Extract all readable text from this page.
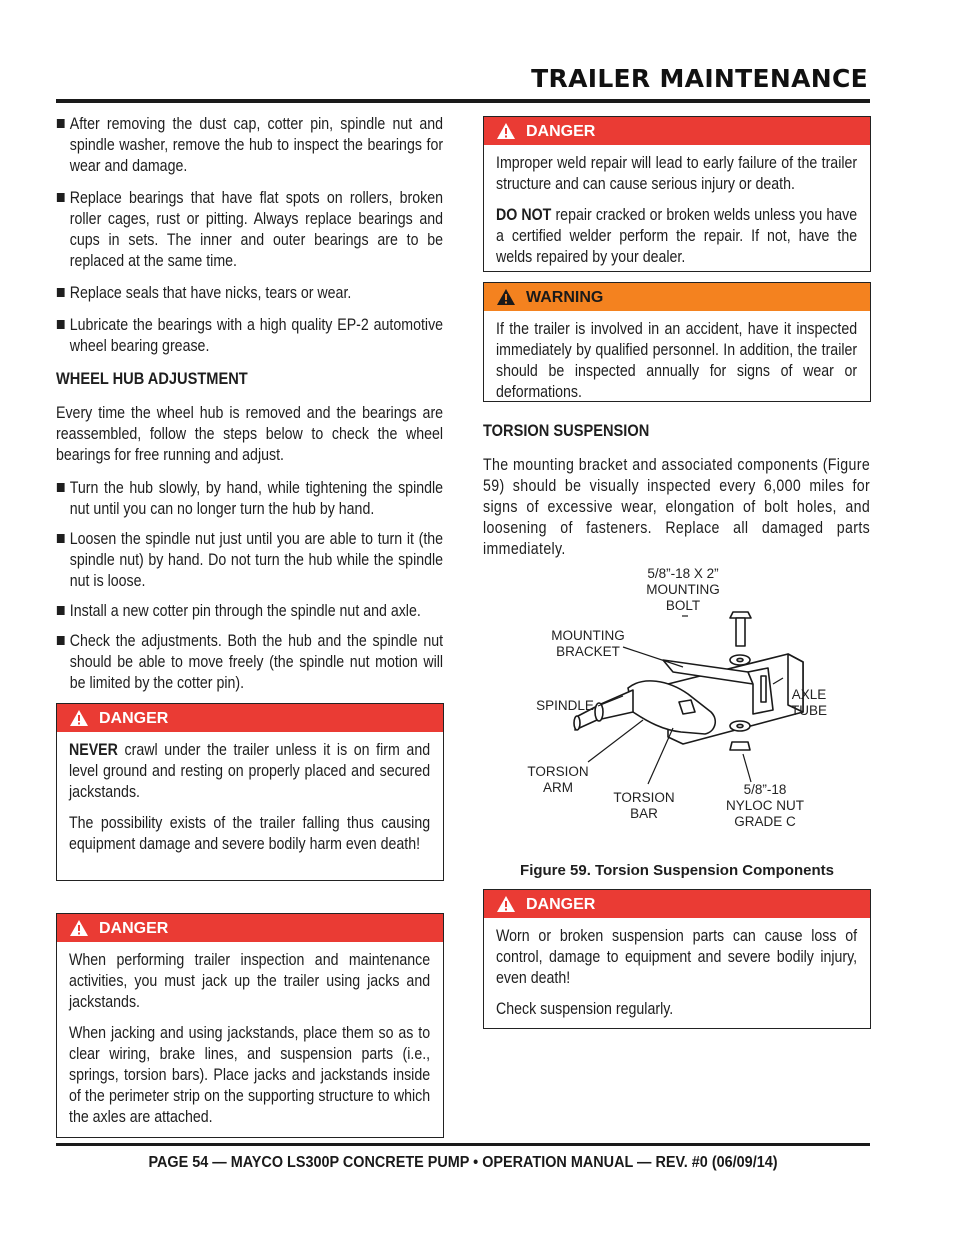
TRAILER MAINTENANCE
After removing the dust cap, cotter pin, spindle nut and spindle washer, remove the hub to inspect the bearings for wear and damage.
Replace bearings that have flat spots on rollers, broken roller cages, rust or pitting. Always replace bearings and cups in sets. The inner and outer bearings are to be replaced at the same time.
Replace seals that have nicks, tears or wear.
Lubricate the bearings with a high quality EP-2 automotive wheel bearing grease.
WHEEL HUB ADJUSTMENT
Every time the wheel hub is removed and the bearings are reassembled, follow the steps below to check the wheel bearings for free running and adjust.
Turn the hub slowly, by hand, while tightening the spindle nut until you can no longer turn the hub by hand.
Loosen the spindle nut just until you are able to turn it (the spindle nut) by hand. Do not turn the hub while the spindle nut is loose.
Install a new cotter pin through the spindle nut and axle.
Check the adjustments. Both the hub and the spindle nut should be able to move freely (the spindle nut motion will be limited by the cotter pin).
DANGER

NEVER crawl under the trailer unless it is on firm and level ground and resting on properly placed and secured jackstands.

The possibility exists of the trailer falling thus causing equipment damage and severe bodily harm even death!

DANGER

When performing trailer inspection and maintenance activities, you must jack up the trailer using jacks and jackstands.

When jacking and using jackstands, place them so as to clear wiring, brake lines, and suspension parts (i.e., springs, torsion bars). Place jacks and jackstands inside of the perimeter strip on the supporting structure to which the axles are attached.

DANGER

Improper weld repair will lead to early failure of the trailer structure and can cause serious injury or death.

DO NOT repair cracked or broken welds unless you have a certified welder perform the repair. If not, have the welds repaired by your dealer.

WARNING

If the trailer is involved in an accident, have it inspected immediately by qualified personnel. In addition, the trailer should be inspected annually for signs of wear or deformations.

TORSION SUSPENSION
The mounting bracket and associated components (Figure 59) should be visually inspected every 6,000 miles for signs of excessive wear, elongation of bolt holes, and loosening of fasteners. Replace all damaged parts immediately.
5/8”-18 X 2”
MOUNTING
BOLT
MOUNTING
BRACKET
SPINDLE
AXLE
TUBE
TORSION
ARM
TORSION
BAR
5/8”-18
NYLOC NUT
GRADE C
Figure 59. Torsion Suspension Components
DANGER

Worn or broken suspension parts can cause loss of control, damage to equipment and severe bodily injury, even death!

Check suspension regularly.

PAGE 54 — MAYCO LS300P CONCRETE PUMP • OPERATION MANUAL — REV. #0 (06/09/14)
